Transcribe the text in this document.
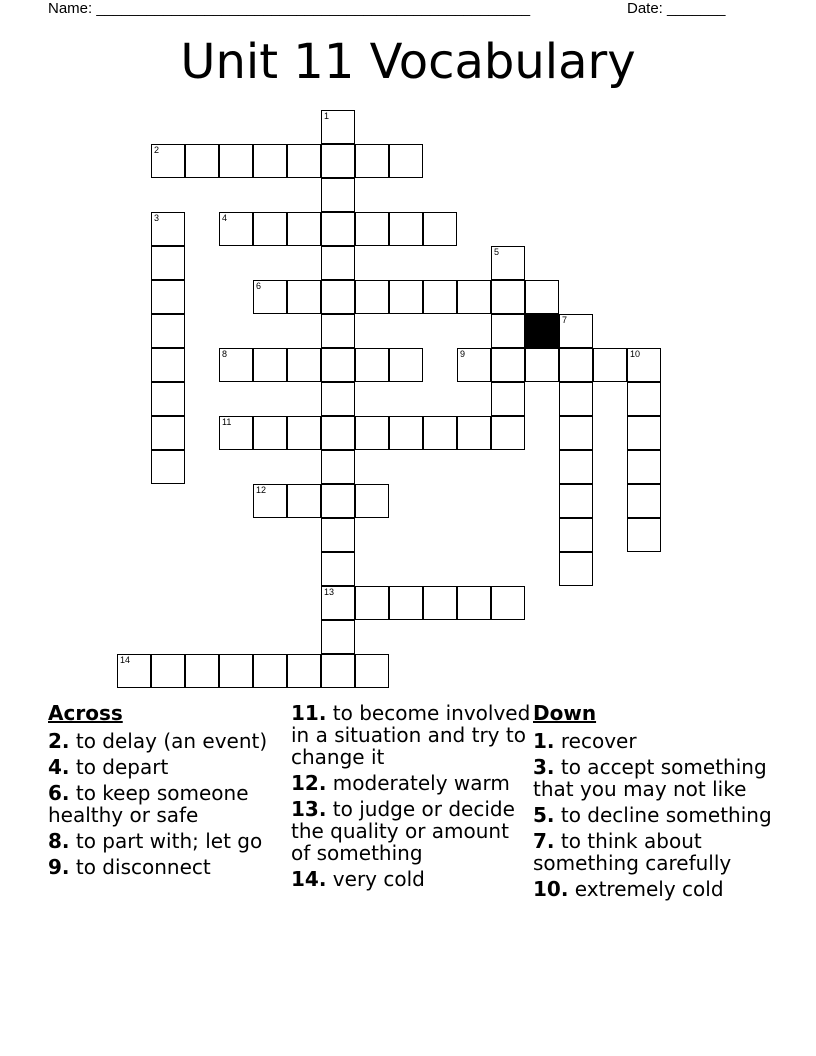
Name: ____________________________________________________	Date: _______
Unit 11 Vocabulary
1
13
2
3	4
5
6
7
8	9	10
11
12
14
Across
2. to delay (an event)
4. to depart
6. to keep someone healthy or safe
8. to part with; let go
9. to disconnect
11. to become involved in a situation and try to change it
12. moderately warm
13. to judge or decide the quality or amount of something
14. very cold
Down
1. recover
3. to accept something that you may not like
5. to decline something
7. to think about something carefully
10. extremely cold
